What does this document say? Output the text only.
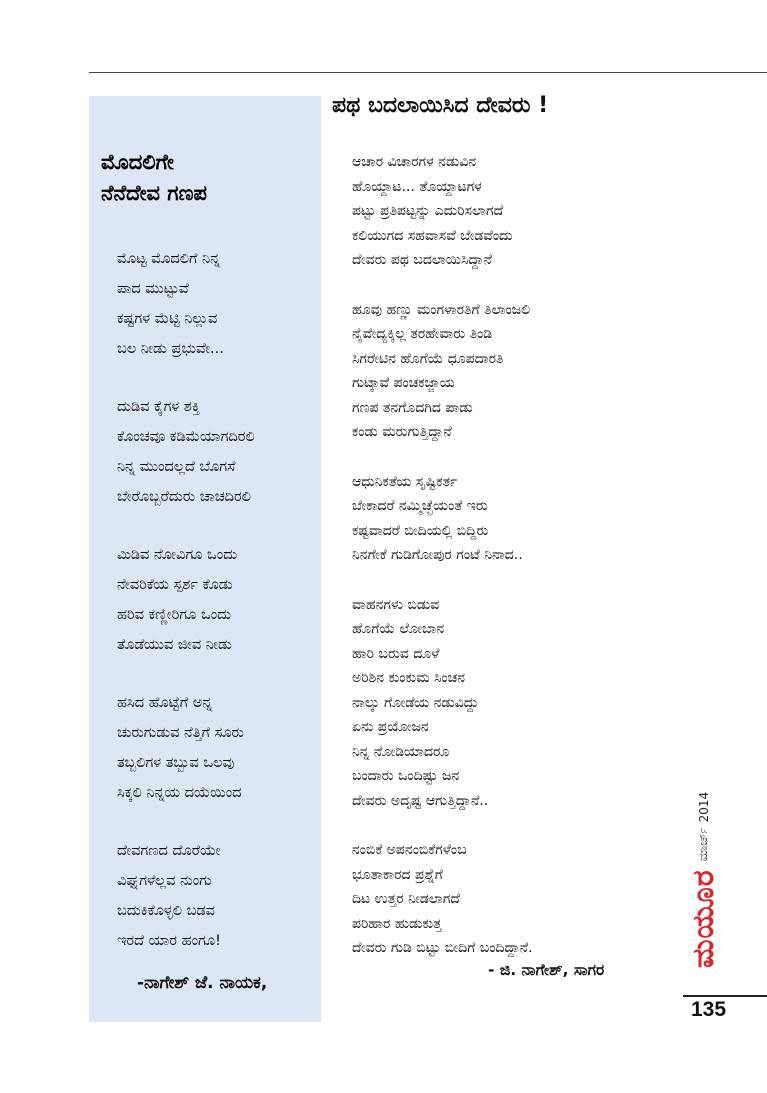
ಮೊದಲಿಗೇ
ನೆನೆದೇವ ಗಣಪ
ಮೊಟ್ಟ ಮೊದಲಿಗೆ ನಿನ್ನ
ಪಾದ ಮುಟ್ಟುವೆ
ಕಷ್ಟಗಳ ಮೆಟ್ಟಿ ನಿಲ್ಲುವ
ಬಲ ನೀಡು ಪ್ರಭುವೇ...
ದುಡಿವ ಕೈಗಳ ಶಕ್ತಿ
ಕೊಂಚವೂ ಕಡಿಮೆಯಾಗದಿರಲಿ
ನಿನ್ನ ಮುಂದಲ್ಲದೆ ಬೊಗಸೆ
ಬೇರೊಬ್ಬರೆದುರು ಚಾಚದಿರಲಿ
ಮಿಡಿವ ನೋವಿಗೂ ಒಂದು
ನೇವರಿಕೆಯ ಸ್ಪರ್ಶ ಕೊಡು
ಹರಿವ ಕಣ್ಣೀರಿಗೂ ಒಂದು
ತೊಡೆಯುವ ಜೀವ ನೀಡು
ಹಸಿದ ಹೊಟ್ಟೆಗೆ ಅನ್ನ
ಚುರುಗುಡುವ ನೆತ್ತಿಗೆ ಸೂರು
ತಬ್ಬಲಿಗಳ ತಬ್ಬುವ ಒಲವು
ಸಿಕ್ಕಲಿ ನಿನ್ನಯ ದಯೆಯಿಂದ
ದೇವಗಣದ ದೊರೆಯೇ
ವಿಘ್ನಗಳೆಲ್ಲವ ನುಂಗು
ಬದುಕಿಕೊಳ್ಳಲಿ ಬಡವ
ಇರದೆ ಯಾರ ಹಂಗೂ!
-ನಾಗೇಶ್ ಜೆ. ನಾಯಕ,
ಪಥ ಬದಲಾಯಿಸಿದ ದೇವರು !
ಆಚಾರ ವಿಚಾರಗಳ ನಡುವಿನ
ಹೊಯ್ದಾಟ... ತೊಯ್ದಾಟಗಳ
ಪಟ್ಟು ಪ್ರತಿಪಟ್ಟನ್ನು ಎದುರಿಸಲಾಗದೆ
ಕಲಿಯುಗದ ಸಹವಾಸವೆ ಬೇಡವೆಂದು
ದೇವರು ಪಥ ಬದಲಾಯಿಸಿದ್ದಾನೆ
ಹೂವು ಹಣ್ಣು ಮಂಗಳಾರತಿಗೆ ತಿಲಾಂಜಲಿ
ನೈವೇದ್ಯಕ್ಕಿಲ್ಲ ತರಹೇವಾರು ತಿಂಡಿ
ಸಿಗರೇಟಿನ ಹೊಗೆಯೆ ಧೂಪದಾರತಿ
ಗುಟ್ಕಾವೆ ಪಂಚಕಜ್ಜಾಯ
ಗಣಪ ತನಗೊದಗಿದ ಪಾಡು
ಕಂಡು ಮರುಗುತ್ತಿದ್ದಾನೆ
ಆಧುನಿಕತೆಯ ಸೃಷ್ಟಿಕರ್ತ
ಬೇಕಾದರೆ ನಮ್ಮಿಚ್ಛೆಯಂತೆ ಇರು
ಕಷ್ಟವಾದರೆ ಬೀದಿಯಲ್ಲಿ ಬಿದ್ದಿರು
ನಿನಗೇಕೆ ಗುಡಿಗೋಪುರ ಗಂಟೆ ನಿನಾದ..
ವಾಹನಗಳು ಬಿಡುವ
ಹೊಗೆಯೆ ಲೋಬಾನ
ಹಾರಿ ಬರುವ ದೂಳೆ
ಅರಿಶಿನ ಕುಂಕುಮ ಸಿಂಚನ
ನಾಲ್ಕು ಗೋಡೆಯ ನಡುವಿದ್ದು
ಏನು ಪ್ರಯೋಜನ
ನಿನ್ನ ನೋಡಿಯಾದರೂ
ಬಂದಾರು ಒಂದಿಷ್ಟು ಜನ
ದೇವರು ಅದೃಷ್ಟ ಆಗುತ್ತಿದ್ದಾನೆ..
ನಂಬಿಕೆ ಅಪನಂಬಿಕೆಗಳೆಂಬ
ಭೂತಾಕಾರದ ಪ್ರಶ್ನೆಗೆ
ದಿಟ ಉತ್ತರ ನೀಡಲಾಗದೆ
ಪರಿಹಾರ ಹುಡುಕುತ್ತ
ದೇವರು ಗುಡಿ ಬಿಟ್ಟು ಬೀದಿಗೆ ಬಂದಿದ್ದಾನೆ.
- ಜಿ. ನಾಗೇಶ್, ಸಾಗರ
ಮಯೂರ
ಮಾರ್ಚ್
2014
135
